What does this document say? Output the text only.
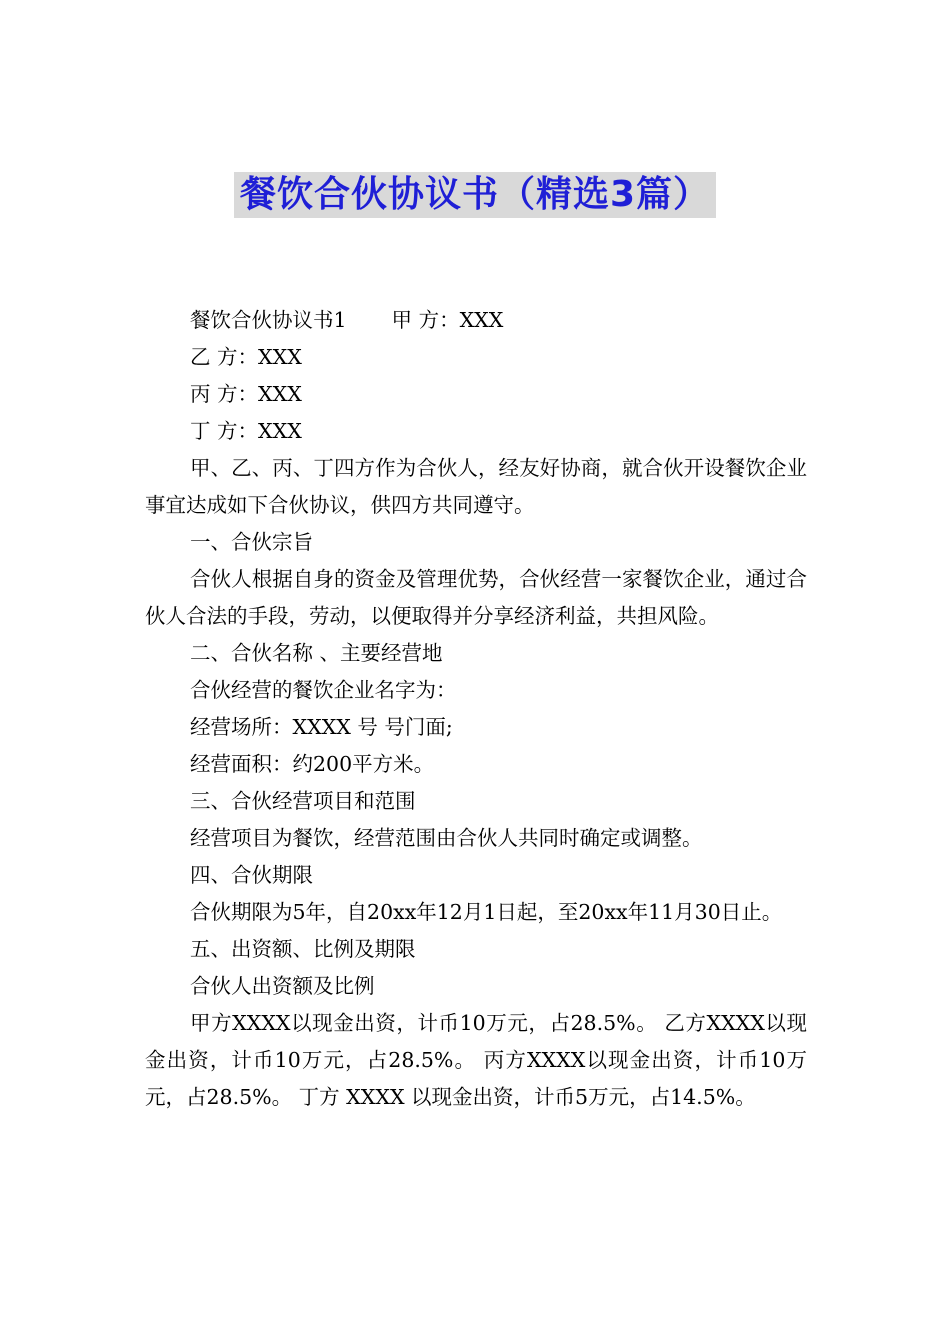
餐饮合伙协议书（精选3篇）

餐饮合伙协议书1 甲 方：XXX

乙 方：XXX

丙 方：XXX

丁 方：XXX

甲、乙、丙、丁四方作为合伙人，经友好协商，就合伙开设餐饮企业事宜达成如下合伙协议，供四方共同遵守。

一、合伙宗旨

合伙人根据自身的资金及管理优势，合伙经营一家餐饮企业，通过合伙人合法的手段，劳动，以便取得并分享经济利益，共担风险。

二、合伙名称 、主要经营地

合伙经营的餐饮企业名字为：

经营场所：XXXX 号 号门面;

经营面积：约200平方米。

三、合伙经营项目和范围

经营项目为餐饮，经营范围由合伙人共同时确定或调整。

四、合伙期限

合伙期限为5年，自20xx年12月1日起，至20xx年11月30日止。

五、出资额、比例及期限

合伙人出资额及比例

甲方XXXX以现金出资，计币10万元，占28.5%。 乙方XXXX以现金出资，计币10万元，占28.5%。 丙方XXXX以现金出资，计币10万元，占28.5%。 丁方 XXXX 以现金出资，计币5万元，占14.5%。
